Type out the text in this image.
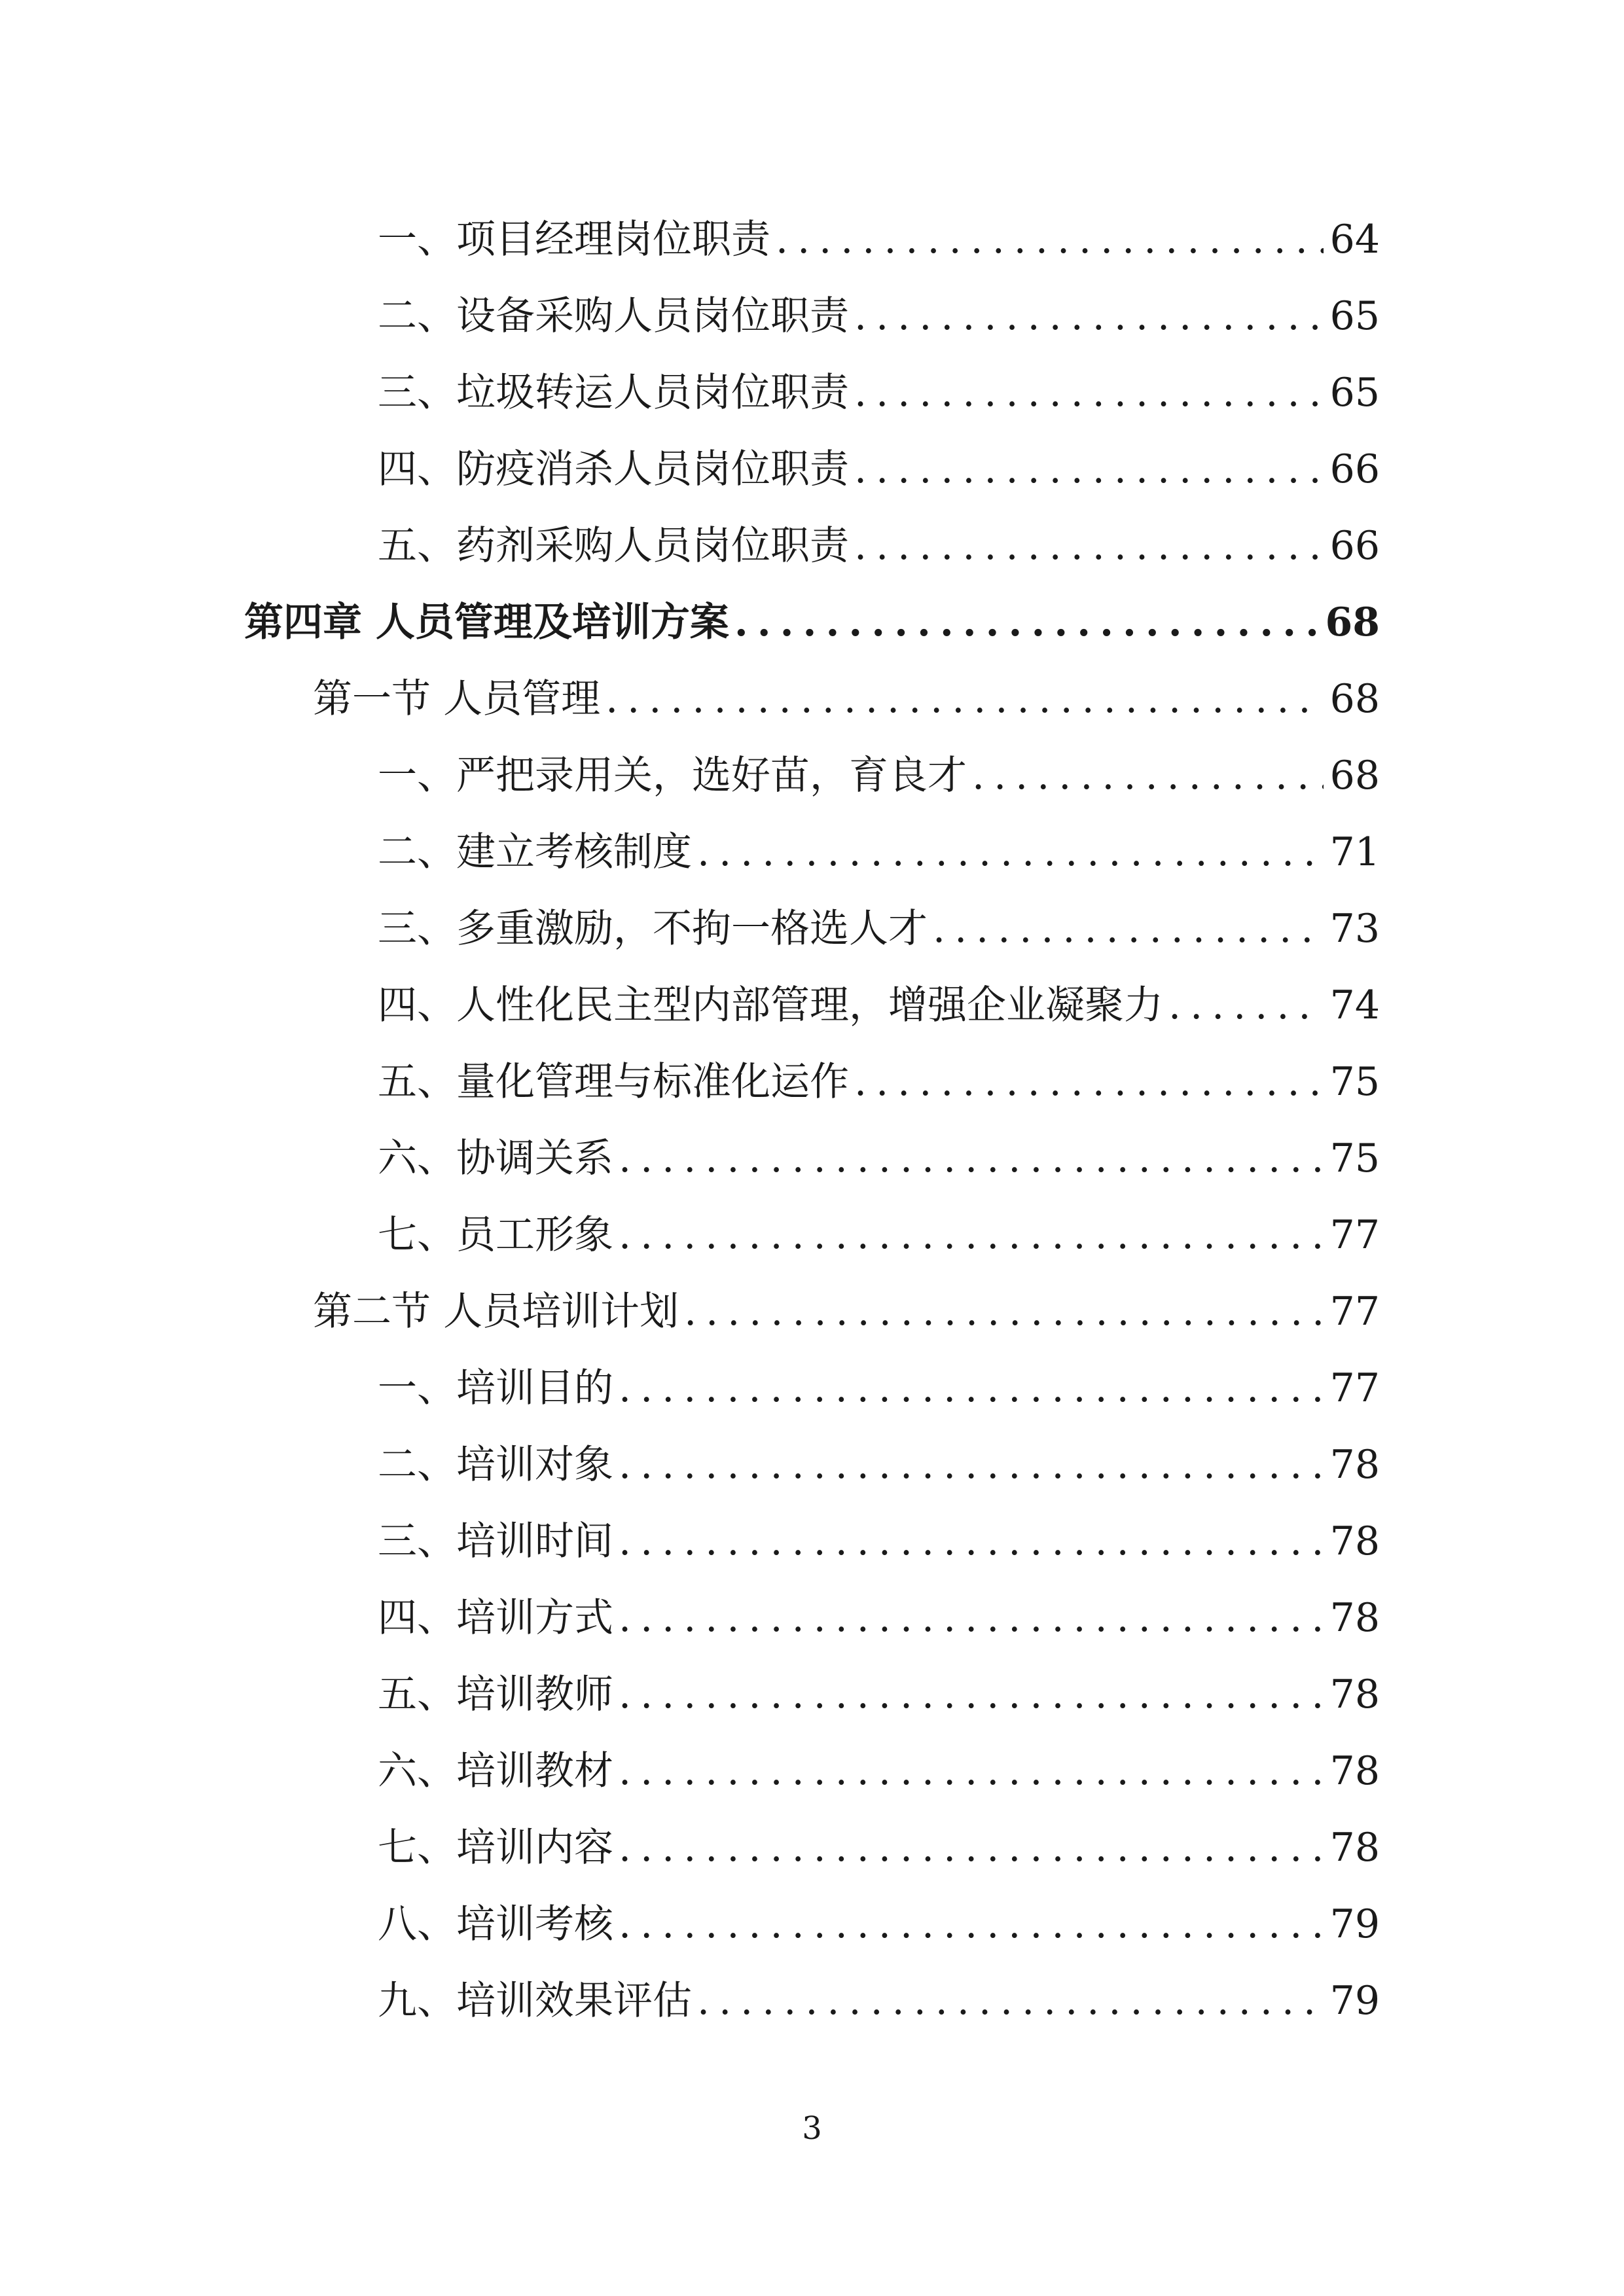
一、项目经理岗位职责 .....	64
二、设备采购人员岗位职责 .....	65
三、垃圾转运人员岗位职责 .....	65
四、防疫消杀人员岗位职责 .....	66
五、药剂采购人员岗位职责 .....	66
第四章 人员管理及培训方案 .....	68
第一节 人员管理 .....	68
一、严把录用关，选好苗，育良才 .....	68
二、建立考核制度 .....	71
三、多重激励，不拘一格选人才 .....	73
四、人性化民主型内部管理，增强企业凝聚力 .....	74
五、量化管理与标准化运作 .....	75
六、协调关系 .....	75
七、员工形象 .....	77
第二节 人员培训计划 .....	77
一、培训目的 .....	77
二、培训对象 .....	78
三、培训时间 .....	78
四、培训方式 .....	78
五、培训教师 .....	78
六、培训教材 .....	78
七、培训内容 .....	78
八、培训考核 .....	79
九、培训效果评估 .....	79
3
